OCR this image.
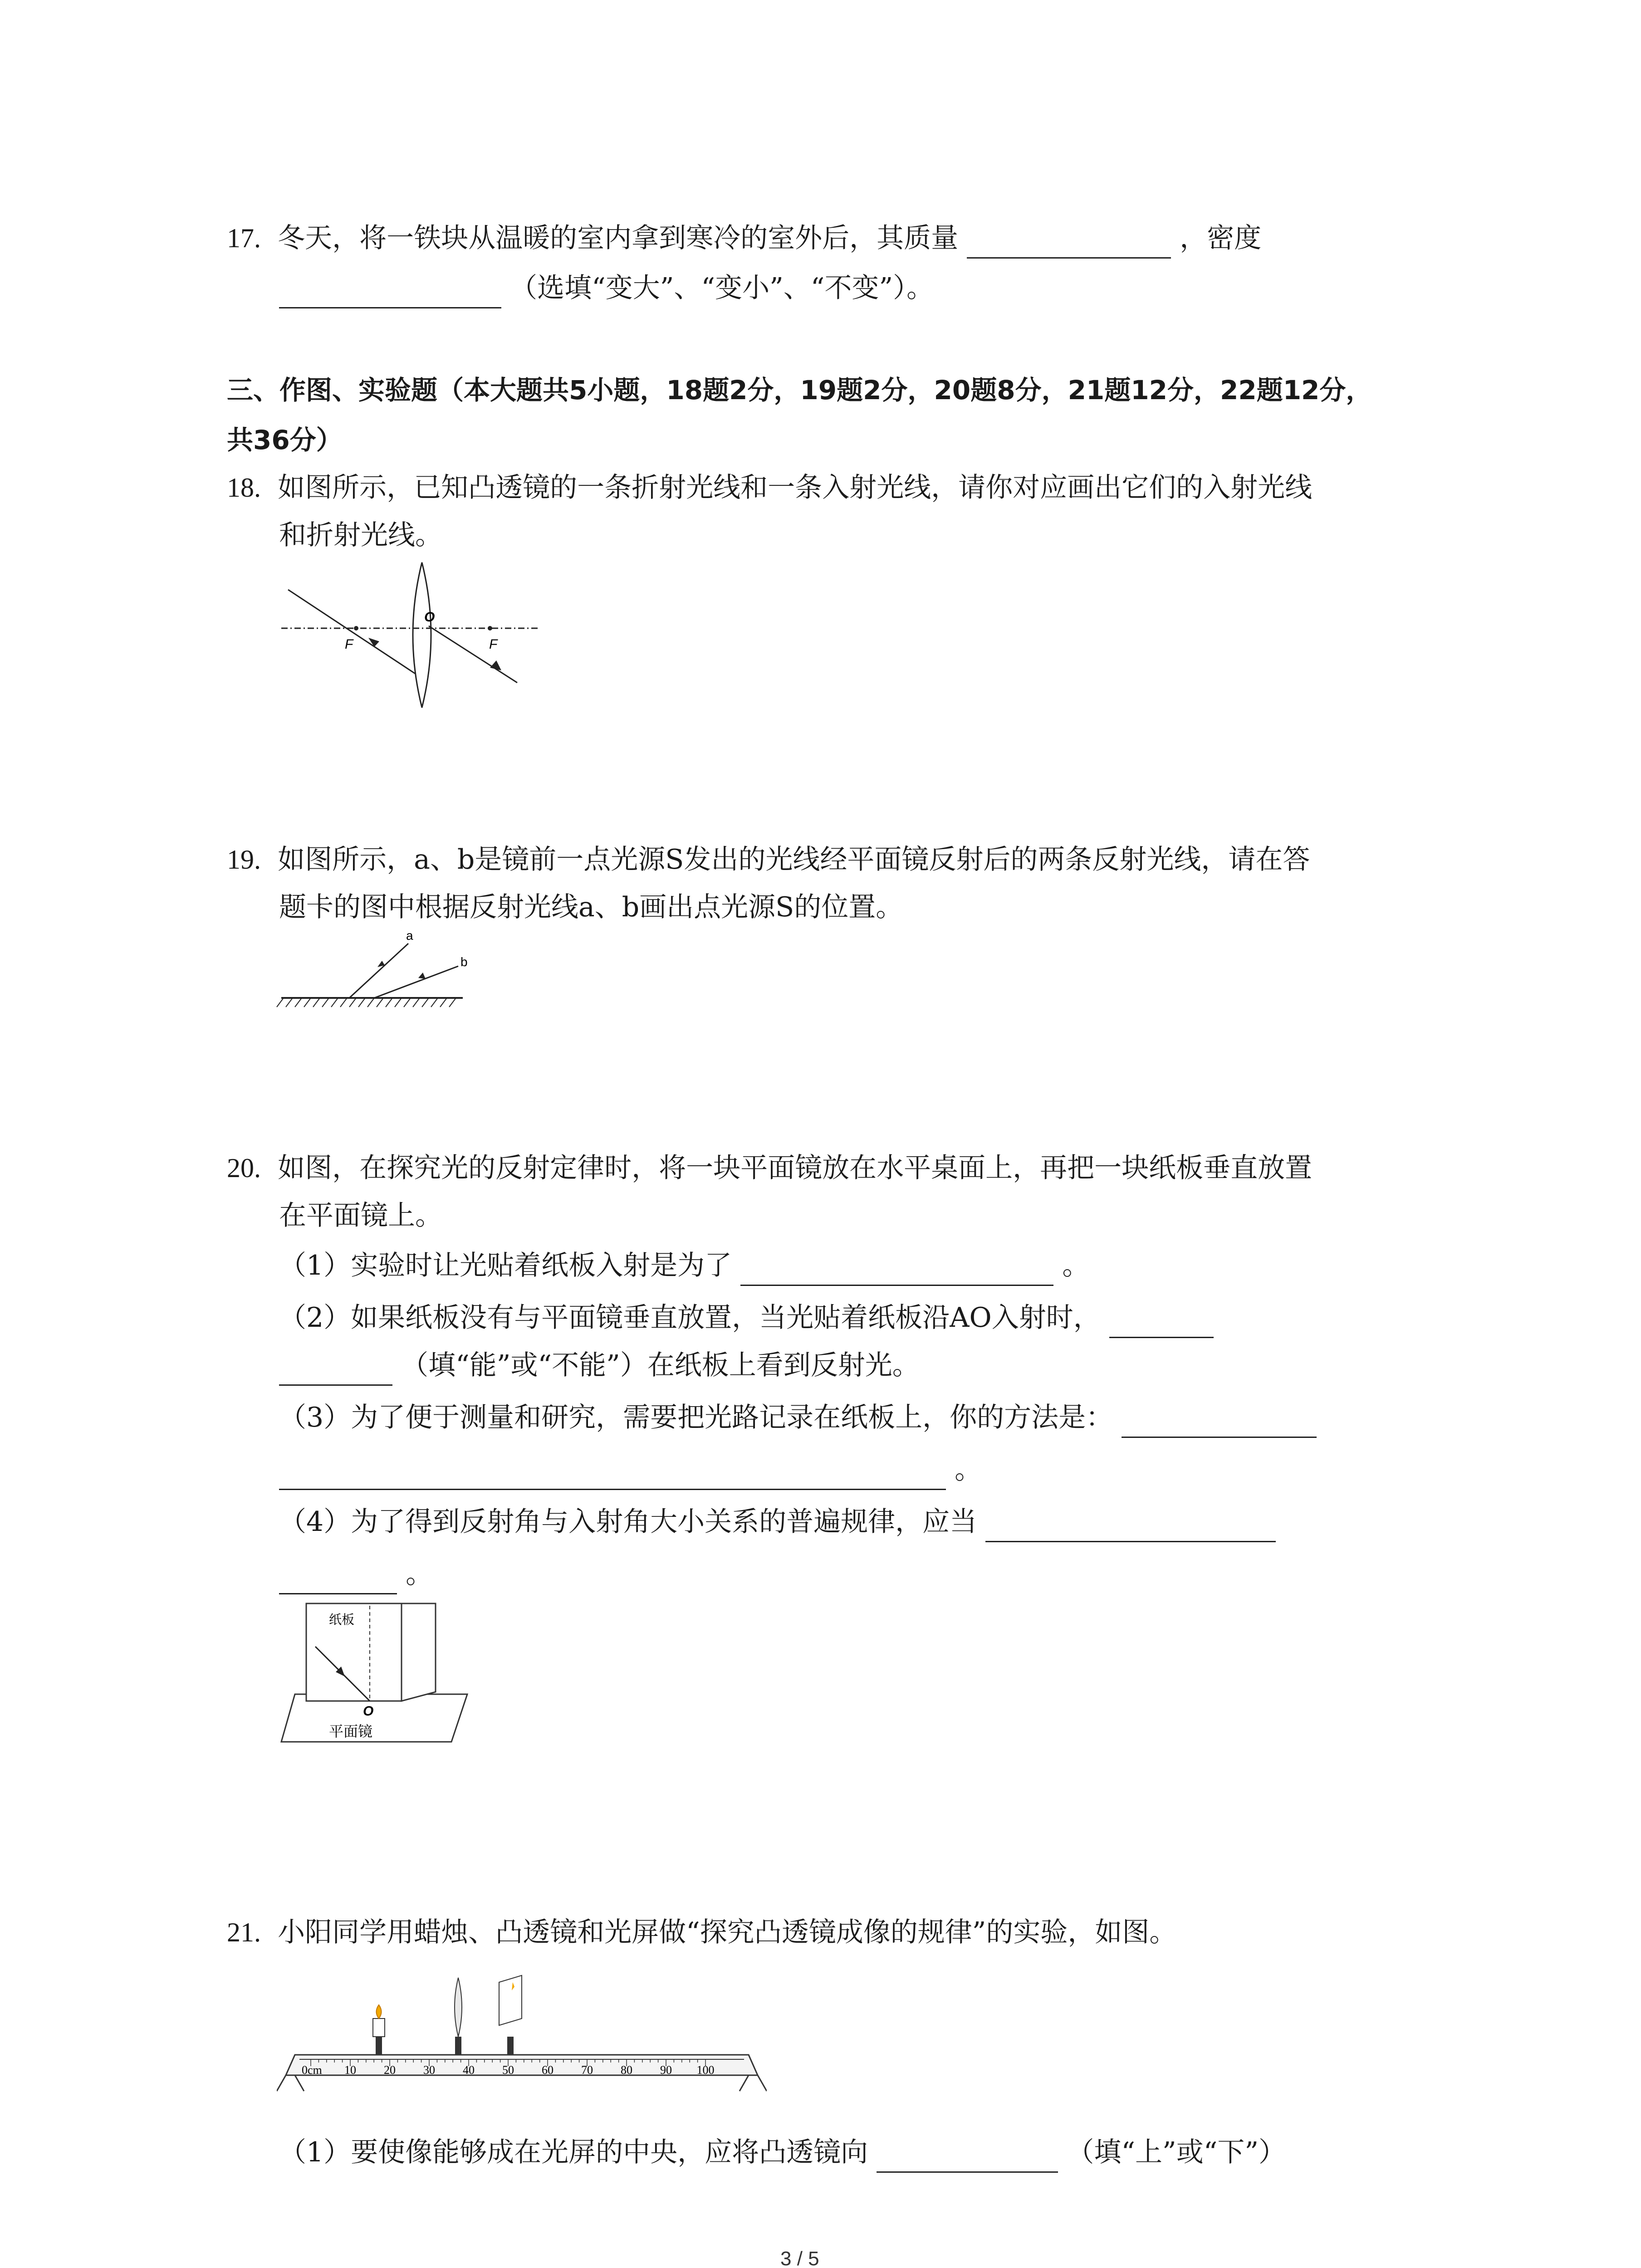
17. 冬天，将一铁块从温暖的室内拿到寒冷的室外后，其质量	，密度
（选填“变大”、“变小”、“不变”）。
三、作图、实验题（本大题共5小题，18题2分，19题2分，20题8分，21题12分，22题12分，
共36分）
18. 如图所示，已知凸透镜的一条折射光线和一条入射光线，请你对应画出它们的入射光线
和折射光线。
O
F	F
19. 如图所示，a、b是镜前一点光源S发出的光线经平面镜反射后的两条反射光线，请在答
题卡的图中根据反射光线a、b画出点光源S的位置。
a
b
20. 如图，在探究光的反射定律时，将一块平面镜放在水平桌面上，再把一块纸板垂直放置
在平面镜上。
（1）实验时让光贴着纸板入射是为了	。
（2）如果纸板没有与平面镜垂直放置，当光贴着纸板沿AO入射时，
（填“能”或“不能”）在纸板上看到反射光。
（3）为了便于测量和研究，需要把光路记录在纸板上，你的方法是：
。
（4）为了得到反射角与入射角大小关系的普遍规律，应当
。
纸板
O
平面镜
21. 小阳同学用蜡烛、凸透镜和光屏做“探究凸透镜成像的规律”的实验，如图。
0cm 10 20 30 40 50 60 70 80 90 100
（1）要使像能够成在光屏的中央，应将凸透镜向	（填“上”或“下”）
3 / 5
